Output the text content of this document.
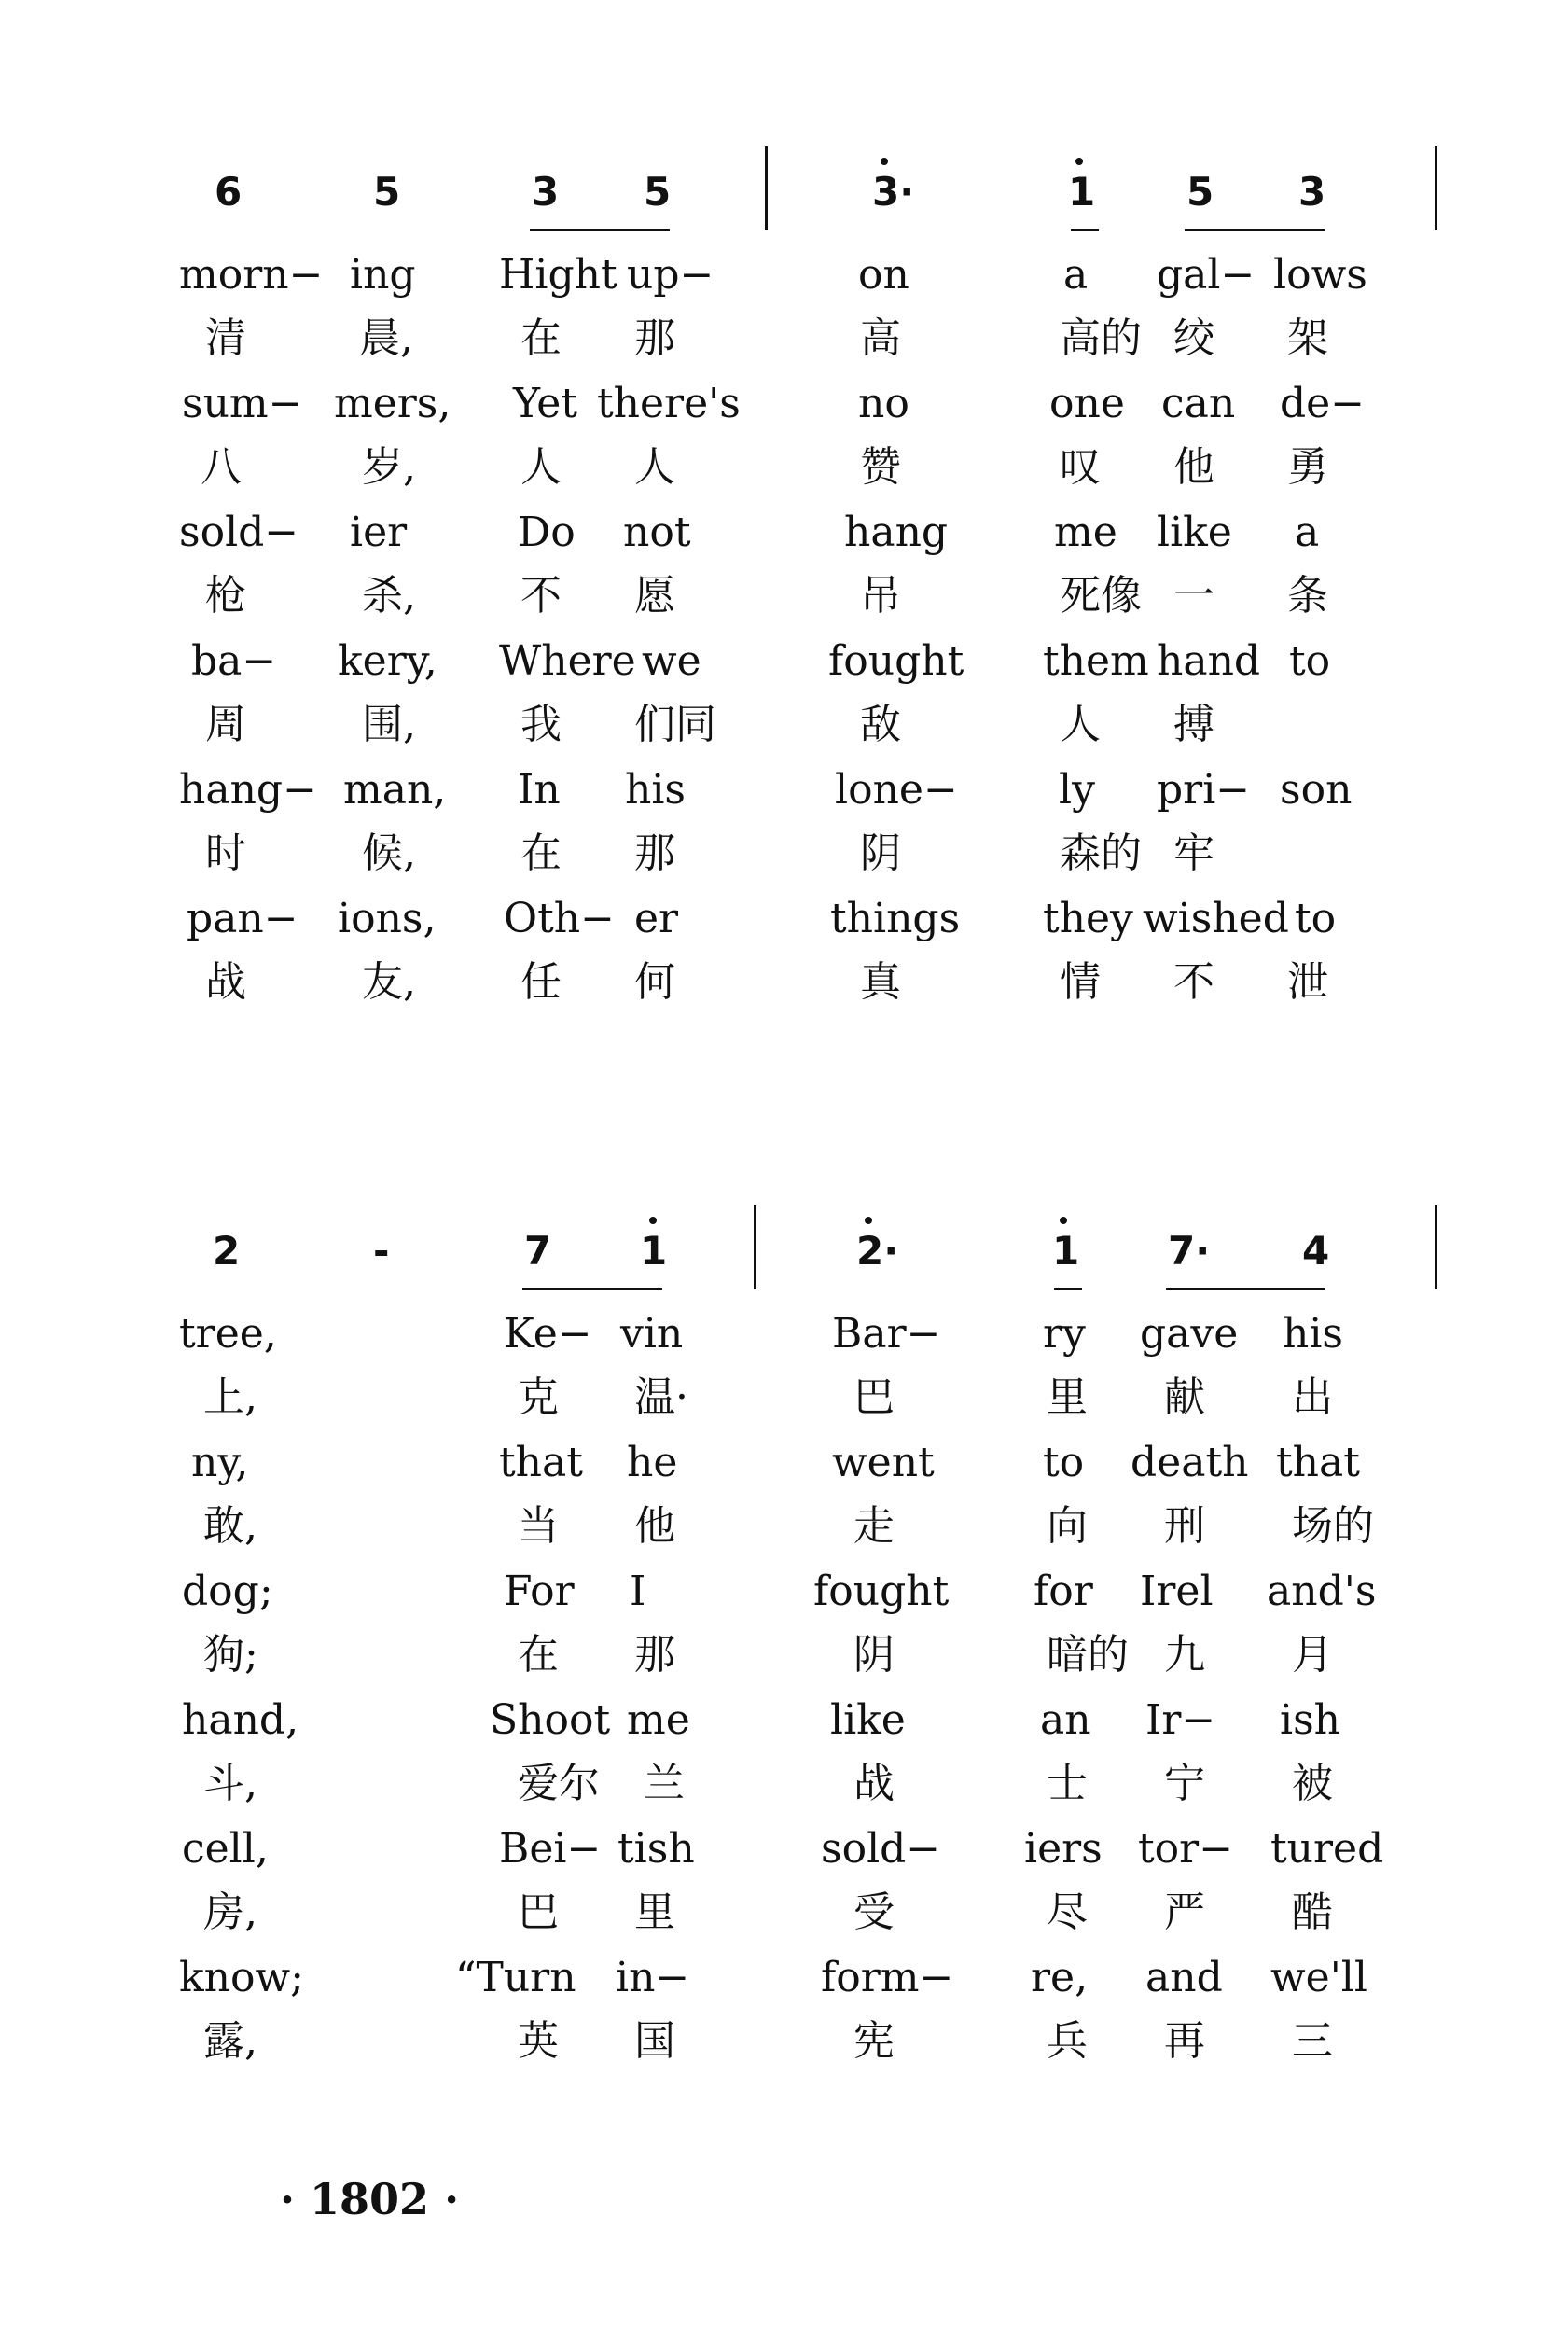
6	5	3 5	3·	1 5 3
morn− ing Hight up−	on	a gal− lows
清	晨,	在 那	高	高的 绞 架
sum− mers, Yet there's	no	one can de−
八	岁,	人 人	赞	叹 他 勇
sold− ier	Do not	hang	me like a
枪	杀,	不 愿	吊	死像 一 条
ba− kery, Where we	fought them hand to
周	围,	我 们同	敌	人 搏
hang− man, In his	lone− ly pri− son
时	候,	在 那	阴	森的 牢
pan− ions, Oth− er	things they wished to
战	友,	任 何	真	情 不 泄
2	-	7 1	2·	1 7· 4
tree,	Ke− vin	Bar− ry gave his
上,	克 温·	巴	里 献 出
ny,	that he	went	to death that
敢,	当 他	走	向 刑 场的
dog;	For I	fought for Irel and's
狗;	在 那	阴	暗的 九 月
hand,	Shoot me	like	an Ir− ish
斗,	爱尔 兰	战	士 宁 被
cell,	Bei− tish	sold− iers tor− tured
房,	巴 里	受	尽 严 酷
know;	“Turn in−	form− re, and we'll
露,	英 国	宪	兵 再 三
· 1802 ·
